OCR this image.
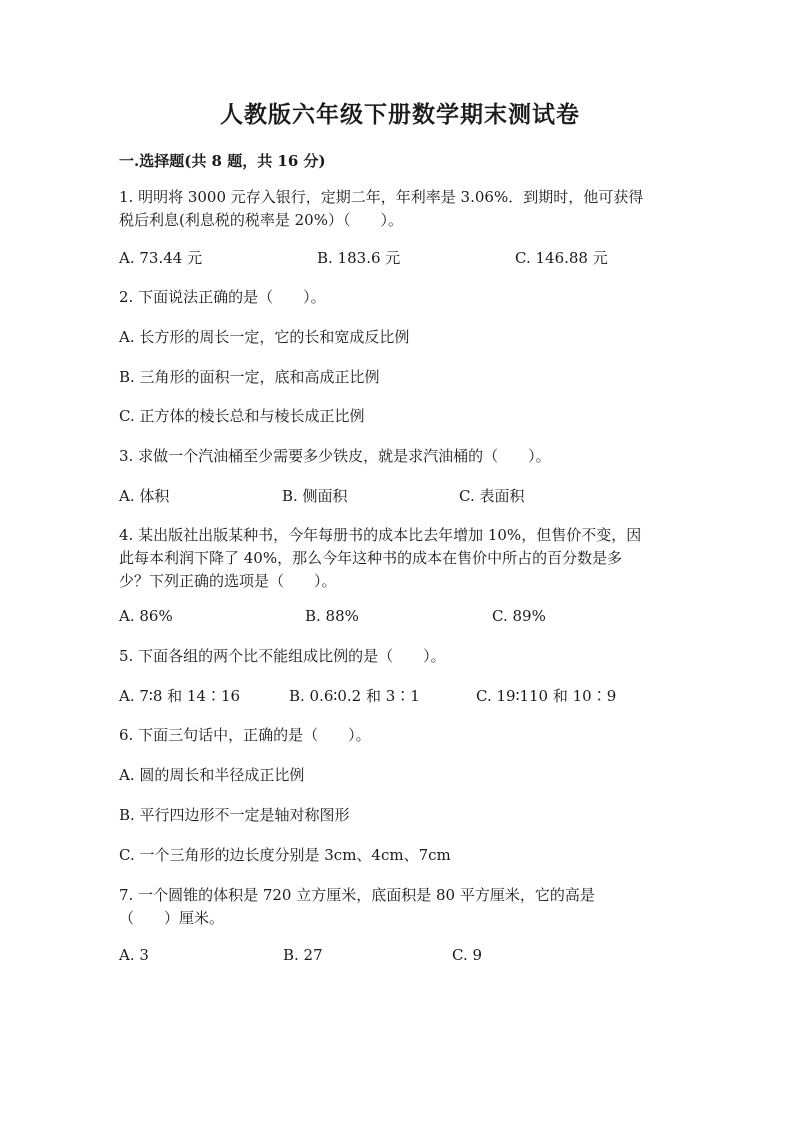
人教版六年级下册数学期末测试卷
一.选择题(共 8 题，共 16 分)
1. 明明将 3000 元存入银行，定期二年，年利率是 3.06%．到期时，他可获得
税后利息(利息税的税率是 20%）（　　）。
A. 73.44 元	B. 183.6 元	C. 146.88 元
2. 下面说法正确的是（　　）。
A. 长方形的周长一定，它的长和宽成反比例
B. 三角形的面积一定，底和高成正比例
C. 正方体的棱长总和与棱长成正比例
3. 求做一个汽油桶至少需要多少铁皮，就是求汽油桶的（　　）。
A. 体积	B. 侧面积	C. 表面积
4. 某出版社出版某种书，今年每册书的成本比去年增加 10%，但售价不变，因
此每本利润下降了 40%，那么今年这种书的成本在售价中所占的百分数是多
少？下列正确的选项是（　　）。
A. 86%	B. 88%	C. 89%
5. 下面各组的两个比不能组成比例的是（　　）。
A. 7∶8 和 14∶16	B. 0.6∶0.2 和 3∶1	C. 19∶110 和 10∶9
6. 下面三句话中，正确的是（　　）。
A. 圆的周长和半径成正比例
B. 平行四边形不一定是轴对称图形
C. 一个三角形的边长度分别是 3cm、4cm、7cm
7. 一个圆锥的体积是 720 立方厘米，底面积是 80 平方厘米，它的高是
（　　）厘米。
A. 3	B. 27	C. 9
